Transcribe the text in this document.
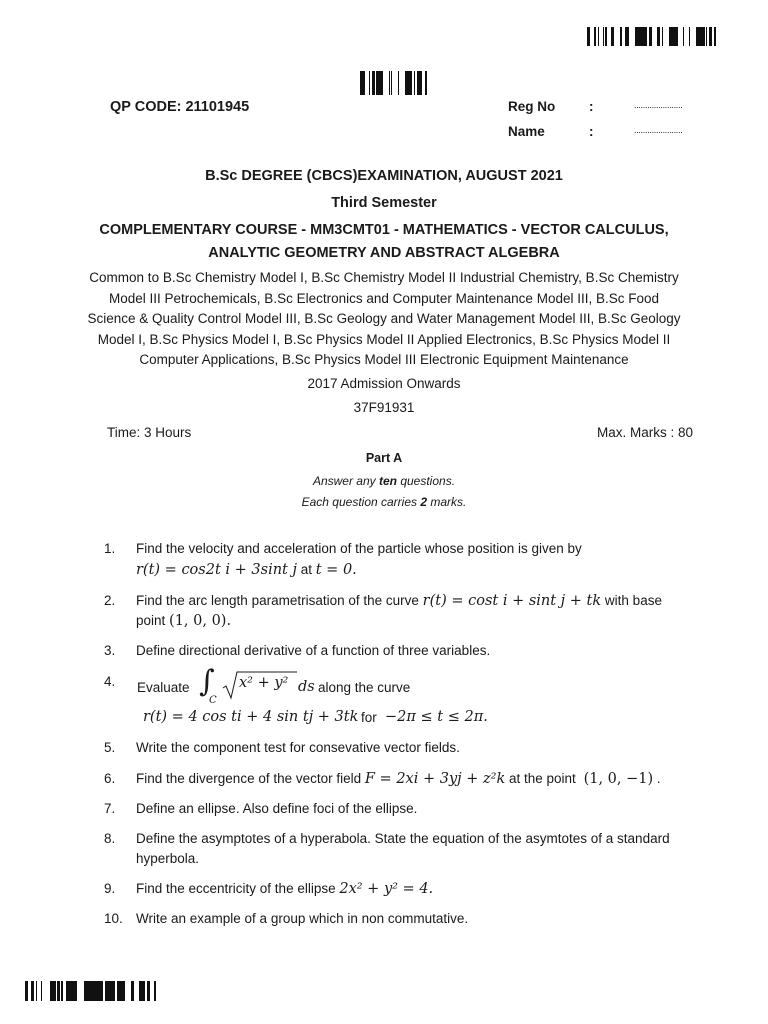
QP CODE: 21101945	Reg No	:	......................
Name	:	......................
B.Sc DEGREE (CBCS)EXAMINATION, AUGUST 2021
Third Semester
COMPLEMENTARY COURSE - MM3CMT01 - MATHEMATICS - VECTOR CALCULUS,
ANALYTIC GEOMETRY AND ABSTRACT ALGEBRA
Common to B.Sc Chemistry Model I, B.Sc Chemistry Model II Industrial Chemistry, B.Sc Chemistry
Model III Petrochemicals, B.Sc Electronics and Computer Maintenance Model III, B.Sc Food
Science & Quality Control Model III, B.Sc Geology and Water Management Model III, B.Sc Geology
Model I, B.Sc Physics Model I, B.Sc Physics Model II Applied Electronics, B.Sc Physics Model II
Computer Applications, B.Sc Physics Model III Electronic Equipment Maintenance
2017 Admission Onwards
37F91931
Time: 3 Hours	Max. Marks : 80
Part A
Answer any ten questions.
Each question carries 2 marks.
1.	Find the velocity and acceleration of the particle whose position is given by
r(t) = cos2t i + 3sint j at t = 0.
2.	Find the arc length parametrisation of the curve r(t) = cost i + sint j + tk with base
point (1, 0, 0).
3.	Define directional derivative of a function of three variables.
4.	Evaluate ∫
C
x² + y² ds along the curve
r(t) = 4 cos ti + 4 sin tj + 3tk for −2π ≤ t ≤ 2π.
5.	Write the component test for consevative vector fields.
6.	Find the divergence of the vector field F = 2xi + 3yj + z²k at the point (1, 0, −1) .
7.	Define an ellipse. Also define foci of the ellipse.
8.	Define the asymptotes of a hyperabola. State the equation of the asymtotes of a standard
hyperbola.
9.	Find the eccentricity of the ellipse 2x² + y² = 4.
10. Write an example of a group which in non commutative.
